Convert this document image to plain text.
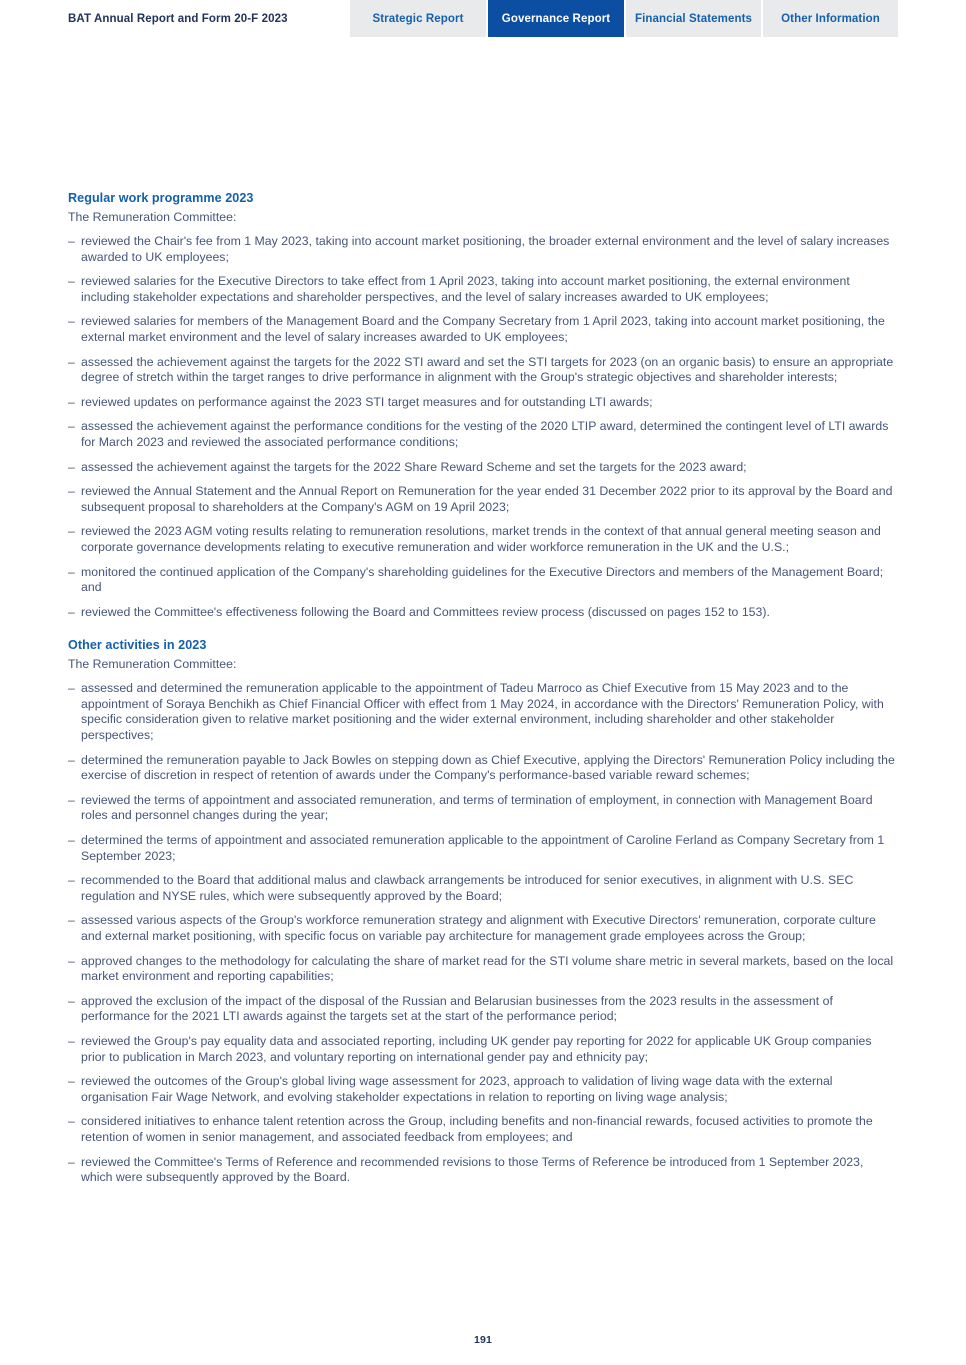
BAT Annual Report and Form 20-F 2023	Strategic Report	Governance Report	Financial Statements	Other Information
Regular work programme 2023
The Remuneration Committee:
– reviewed the Chair's fee from 1 May 2023, taking into account market positioning, the broader external environment and the level of salary increases awarded to UK employees;
– reviewed salaries for the Executive Directors to take effect from 1 April 2023, taking into account market positioning, the external environment including stakeholder expectations and shareholder perspectives, and the level of salary increases awarded to UK employees;
– reviewed salaries for members of the Management Board and the Company Secretary from 1 April 2023, taking into account market positioning, the external market environment and the level of salary increases awarded to UK employees;
– assessed the achievement against the targets for the 2022 STI award and set the STI targets for 2023 (on an organic basis) to ensure an appropriate degree of stretch within the target ranges to drive performance in alignment with the Group's strategic objectives and shareholder interests;
– reviewed updates on performance against the 2023 STI target measures and for outstanding LTI awards;
– assessed the achievement against the performance conditions for the vesting of the 2020 LTIP award, determined the contingent level of LTI awards for March 2023 and reviewed the associated performance conditions;
– assessed the achievement against the targets for the 2022 Share Reward Scheme and set the targets for the 2023 award;
– reviewed the Annual Statement and the Annual Report on Remuneration for the year ended 31 December 2022 prior to its approval by the Board and subsequent proposal to shareholders at the Company's AGM on 19 April 2023;
– reviewed the 2023 AGM voting results relating to remuneration resolutions, market trends in the context of that annual general meeting season and corporate governance developments relating to executive remuneration and wider workforce remuneration in the UK and the U.S.;
– monitored the continued application of the Company's shareholding guidelines for the Executive Directors and members of the Management Board; and
– reviewed the Committee's effectiveness following the Board and Committees review process (discussed on pages 152 to 153).
Other activities in 2023
The Remuneration Committee:
– assessed and determined the remuneration applicable to the appointment of Tadeu Marroco as Chief Executive from 15 May 2023 and to the appointment of Soraya Benchikh as Chief Financial Officer with effect from 1 May 2024, in accordance with the Directors' Remuneration Policy, with specific consideration given to relative market positioning and the wider external environment, including shareholder and other stakeholder perspectives;
– determined the remuneration payable to Jack Bowles on stepping down as Chief Executive, applying the Directors' Remuneration Policy including the exercise of discretion in respect of retention of awards under the Company's performance-based variable reward schemes;
– reviewed the terms of appointment and associated remuneration, and terms of termination of employment, in connection with Management Board roles and personnel changes during the year;
– determined the terms of appointment and associated remuneration applicable to the appointment of Caroline Ferland as Company Secretary from 1 September 2023;
– recommended to the Board that additional malus and clawback arrangements be introduced for senior executives, in alignment with U.S. SEC regulation and NYSE rules, which were subsequently approved by the Board;
– assessed various aspects of the Group's workforce remuneration strategy and alignment with Executive Directors' remuneration, corporate culture and external market positioning, with specific focus on variable pay architecture for management grade employees across the Group;
– approved changes to the methodology for calculating the share of market read for the STI volume share metric in several markets, based on the local market environment and reporting capabilities;
– approved the exclusion of the impact of the disposal of the Russian and Belarusian businesses from the 2023 results in the assessment of performance for the 2021 LTI awards against the targets set at the start of the performance period;
– reviewed the Group's pay equality data and associated reporting, including UK gender pay reporting for 2022 for applicable UK Group companies prior to publication in March 2023, and voluntary reporting on international gender pay and ethnicity pay;
– reviewed the outcomes of the Group's global living wage assessment for 2023, approach to validation of living wage data with the external organisation Fair Wage Network, and evolving stakeholder expectations in relation to reporting on living wage analysis;
– considered initiatives to enhance talent retention across the Group, including benefits and non-financial rewards, focused activities to promote the retention of women in senior management, and associated feedback from employees; and
– reviewed the Committee's Terms of Reference and recommended revisions to those Terms of Reference be introduced from 1 September 2023, which were subsequently approved by the Board.
191
